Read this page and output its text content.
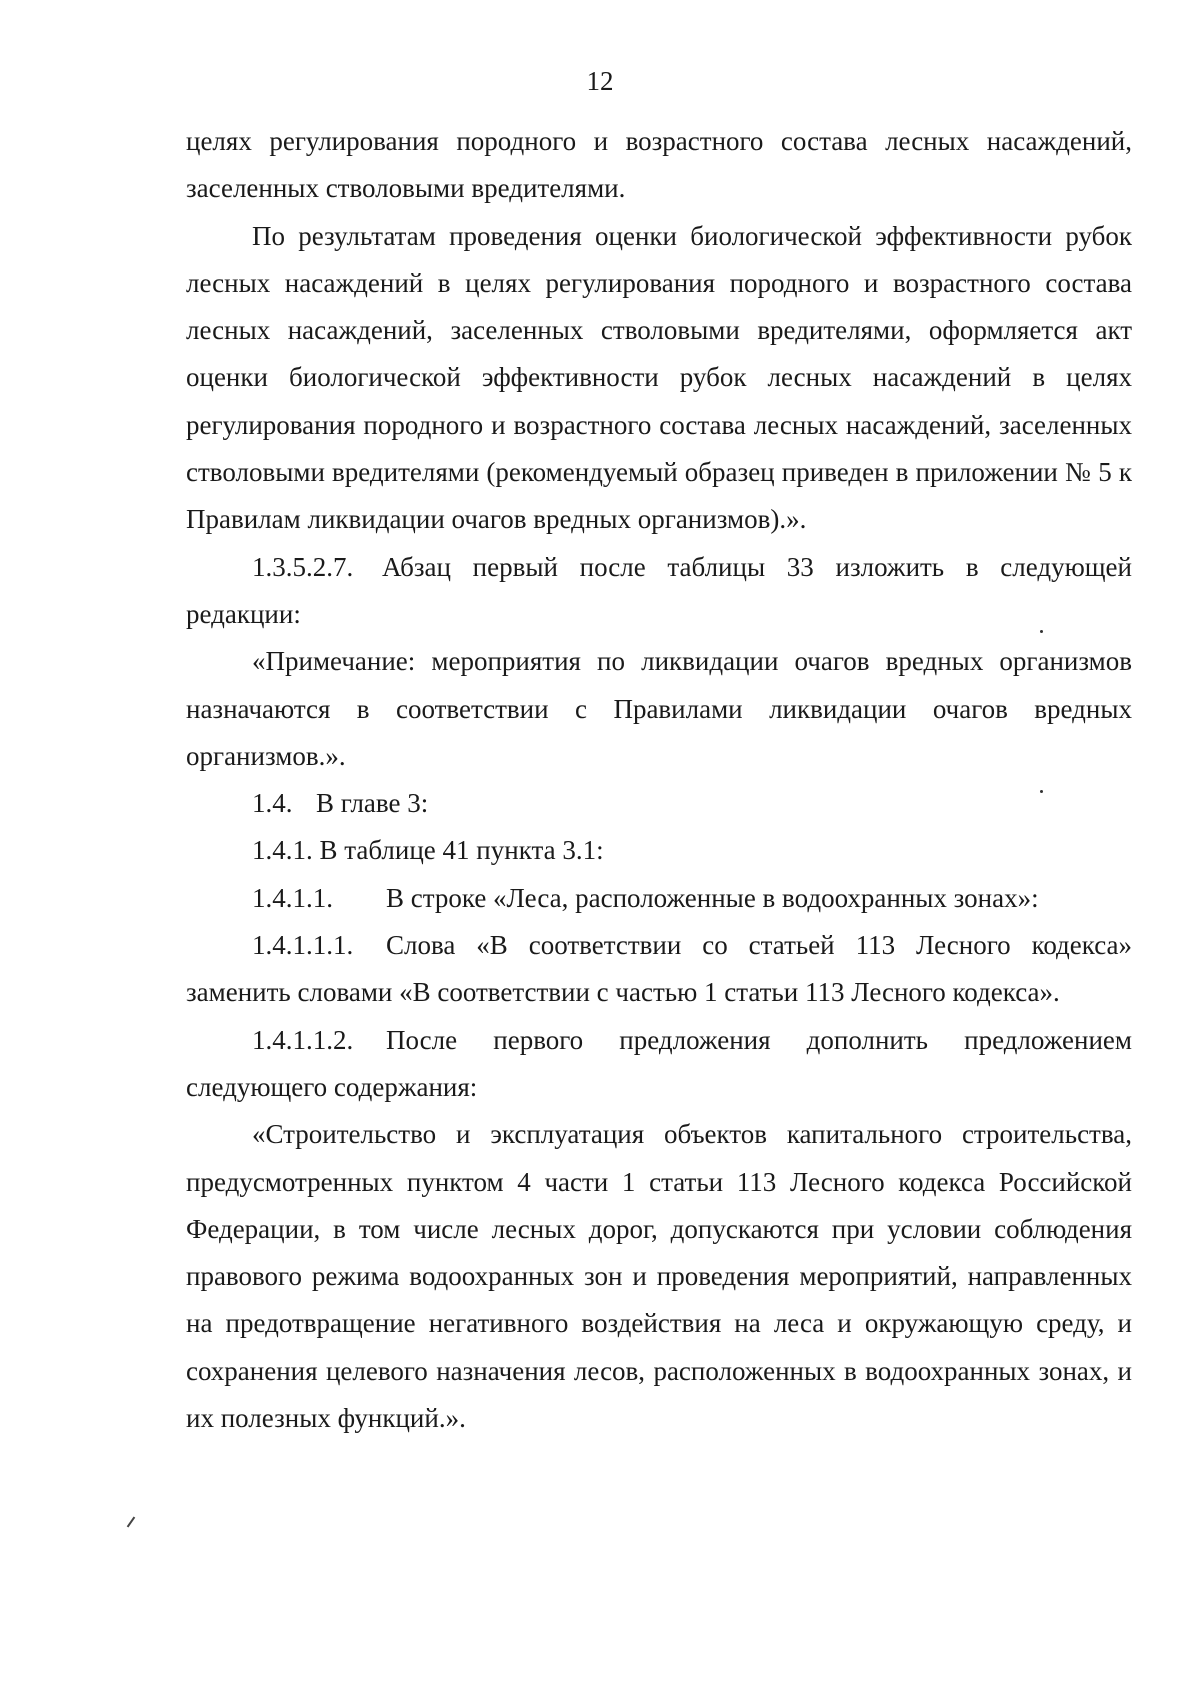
12

целях регулирования породного и возрастного состава лесных насаждений, заселенных стволовыми вредителями.

По результатам проведения оценки биологической эффективности рубок лесных насаждений в целях регулирования породного и возрастного состава лесных насаждений, заселенных стволовыми вредителями, оформляется акт оценки биологической эффективности рубок лесных насаждений в целях регулирования породного и возрастного состава лесных насаждений, заселенных стволовыми вредителями (рекомендуемый образец приведен в приложении № 5 к Правилам ликвидации очагов вредных организмов).».

1.3.5.2.7.	Абзац первый после таблицы 33 изложить в следующей

редакции:

«Примечание: мероприятия по ликвидации очагов вредных организмов назначаются в соответствии с Правилами ликвидации очагов вредных организмов.».

1.4. В главе 3:

1.4.1. В таблице 41 пункта 3.1:

1.4.1.1.	В строке «Леса, расположенные в водоохранных зонах»:
1.4.1.1.1.	Слова «В соответствии со статьей 113 Лесного кодекса»

заменить словами «В соответствии с частью 1 статьи 113 Лесного кодекса».

1.4.1.1.2.	После первого предложения дополнить предложением

следующего содержания:

«Строительство и эксплуатация объектов капитального строительства, предусмотренных пунктом 4 части 1 статьи 113 Лесного кодекса Российской Федерации, в том числе лесных дорог, допускаются при условии соблюдения правового режима водоохранных зон и проведения мероприятий, направленных на предотвращение негативного воздействия на леса и окружающую среду, и сохранения целевого назначения лесов, расположенных в водоохранных зонах, и их полезных функций.».
